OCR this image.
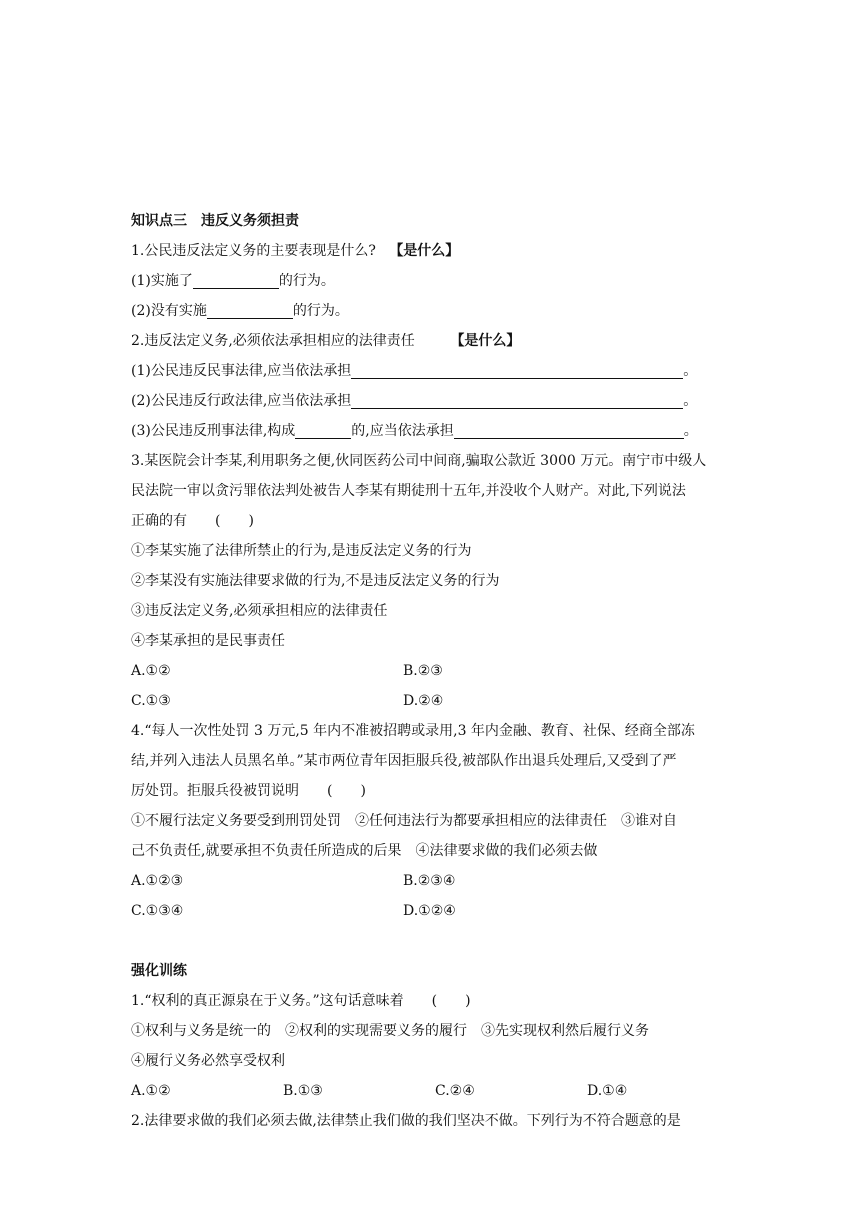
知识点三　违反义务须担责
1.公民违反法定义务的主要表现是什么? 【是什么】
(1)实施了	的行为。
(2)没有实施	的行为。
2.违反法定义务,必须依法承担相应的法律责任	【是什么】
(1)公民违反民事法律,应当依法承担	。
(2)公民违反行政法律,应当依法承担	。
(3)公民违反刑事法律,构成	的,应当依法承担	。
3.某医院会计李某,利用职务之便,伙同医药公司中间商,骗取公款近 3000 万元。南宁市中级人
民法院一审以贪污罪依法判处被告人李某有期徒刑十五年,并没收个人财产。对此,下列说法
正确的有　　(　　)
①李某实施了法律所禁止的行为,是违反法定义务的行为
②李某没有实施法律要求做的行为,不是违反法定义务的行为
③违反法定义务,必须承担相应的法律责任
④李某承担的是民事责任
A.①②	B.②③
C.①③	D.②④
4.“每人一次性处罚 3 万元,5 年内不准被招聘或录用,3 年内金融、教育、社保、经商全部冻
结,并列入违法人员黑名单。”某市两位青年因拒服兵役,被部队作出退兵处理后,又受到了严
厉处罚。拒服兵役被罚说明　　(　　)
①不履行法定义务要受到刑罚处罚　②任何违法行为都要承担相应的法律责任　③谁对自
己不负责任,就要承担不负责任所造成的后果　④法律要求做的我们必须去做
A.①②③	B.②③④
C.①③④	D.①②④
强化训练
1.“权利的真正源泉在于义务。”这句话意味着　　(　　)
①权利与义务是统一的　②权利的实现需要义务的履行　③先实现权利然后履行义务
④履行义务必然享受权利
A.①②	B.①③	C.②④	D.①④
2.法律要求做的我们必须去做,法律禁止我们做的我们坚决不做。下列行为不符合题意的是
